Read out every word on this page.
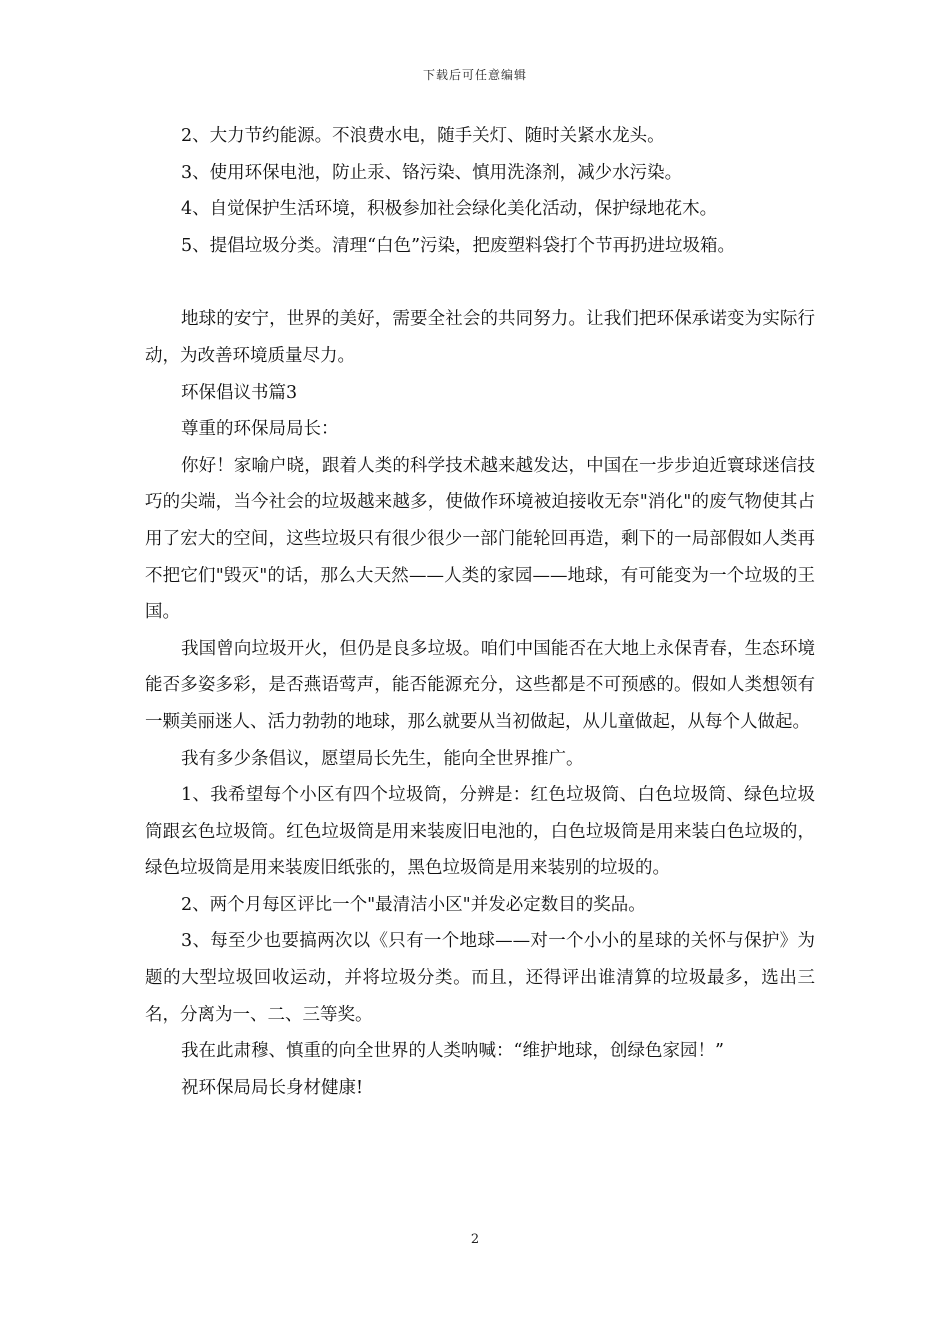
下载后可任意编辑

2、大力节约能源。不浪费水电，随手关灯、随时关紧水龙头。

3、使用环保电池，防止汞、铬污染、慎用洗涤剂，减少水污染。

4、自觉保护生活环境，积极参加社会绿化美化活动，保护绿地花木。

5、提倡垃圾分类。清理“白色”污染，把废塑料袋打个节再扔进垃圾箱。

地球的安宁，世界的美好，需要全社会的共同努力。让我们把环保承诺变为实际行动，为改善环境质量尽力。

环保倡议书篇3

尊重的环保局局长：

你好！家喻户晓，跟着人类的科学技术越来越发达，中国在一步步迫近寰球迷信技巧的尖端，当今社会的垃圾越来越多，使做作环境被迫接收无奈"消化"的废气物使其占用了宏大的空间，这些垃圾只有很少很少一部门能轮回再造，剩下的一局部假如人类再不把它们"毁灭"的话，那么大天然——人类的家园——地球，有可能变为一个垃圾的王国。

我国曾向垃圾开火，但仍是良多垃圾。咱们中国能否在大地上永保青春，生态环境能否多姿多彩，是否燕语莺声，能否能源充分，这些都是不可预感的。假如人类想领有一颗美丽迷人、活力勃勃的地球，那么就要从当初做起，从儿童做起，从每个人做起。

我有多少条倡议，愿望局长先生，能向全世界推广。

1、我希望每个小区有四个垃圾筒，分辨是：红色垃圾筒、白色垃圾筒、绿色垃圾筒跟玄色垃圾筒。红色垃圾筒是用来装废旧电池的，白色垃圾筒是用来装白色垃圾的，绿色垃圾筒是用来装废旧纸张的，黑色垃圾筒是用来装别的垃圾的。

2、两个月每区评比一个"最清洁小区"并发必定数目的奖品。

3、每至少也要搞两次以《只有一个地球——对一个小小的星球的关怀与保护》为题的大型垃圾回收运动，并将垃圾分类。而且，还得评出谁清算的垃圾最多，选出三名，分离为一、二、三等奖。

我在此肃穆、慎重的向全世界的人类呐喊：“维护地球，创绿色家园！”

祝环保局局长身材健康!

2
